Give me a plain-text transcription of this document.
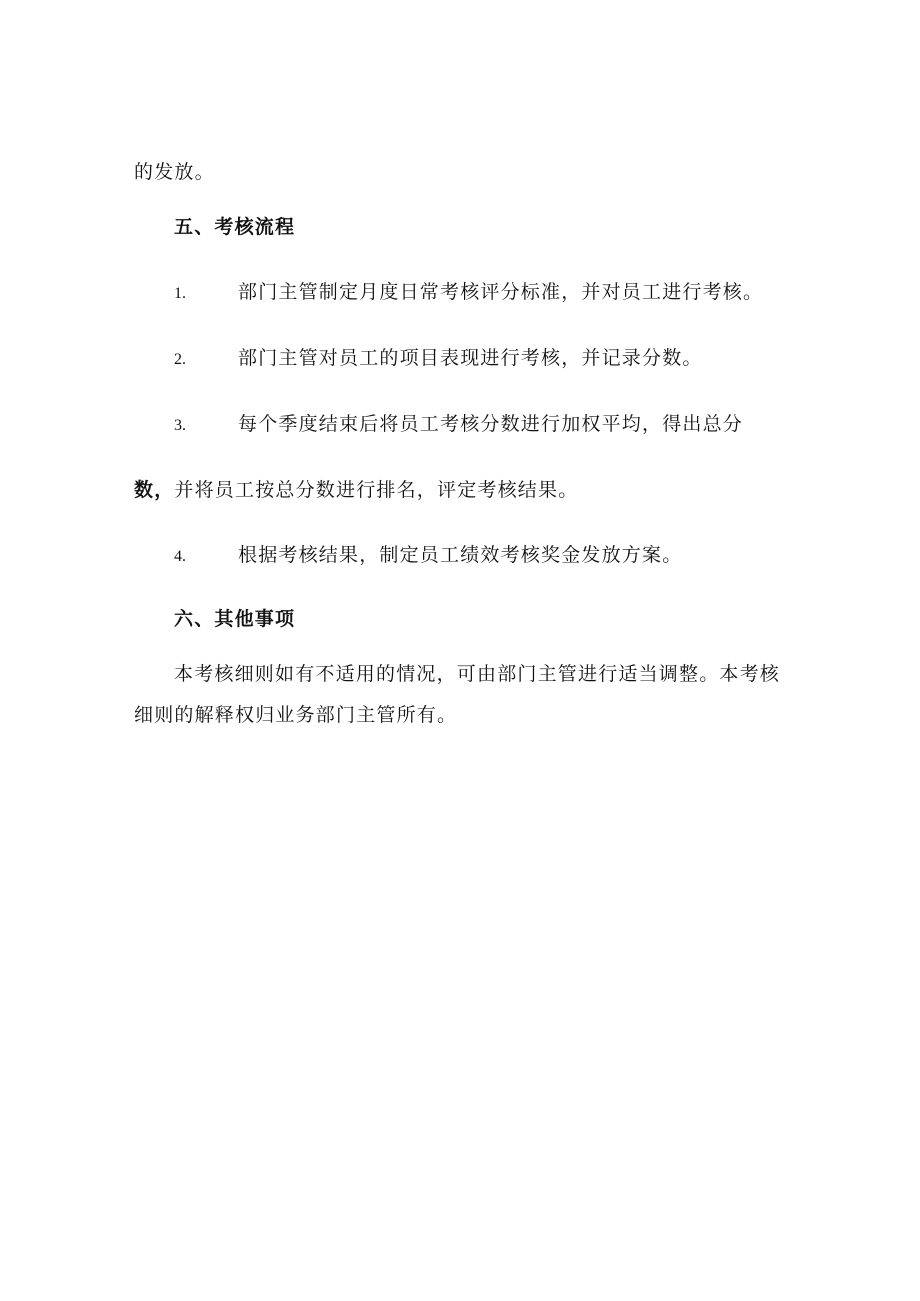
的发放。
五、考核流程
1.	部门主管制定月度日常考核评分标准，并对员工进行考核。
2.	部门主管对员工的项目表现进行考核，并记录分数。
3.	每个季度结束后将员工考核分数进行加权平均，得出总分
数，并将员工按总分数进行排名，评定考核结果。
4.	根据考核结果，制定员工绩效考核奖金发放方案。
六、其他事项
本考核细则如有不适用的情况，可由部门主管进行适当调整。本考核
细则的解释权归业务部门主管所有。
